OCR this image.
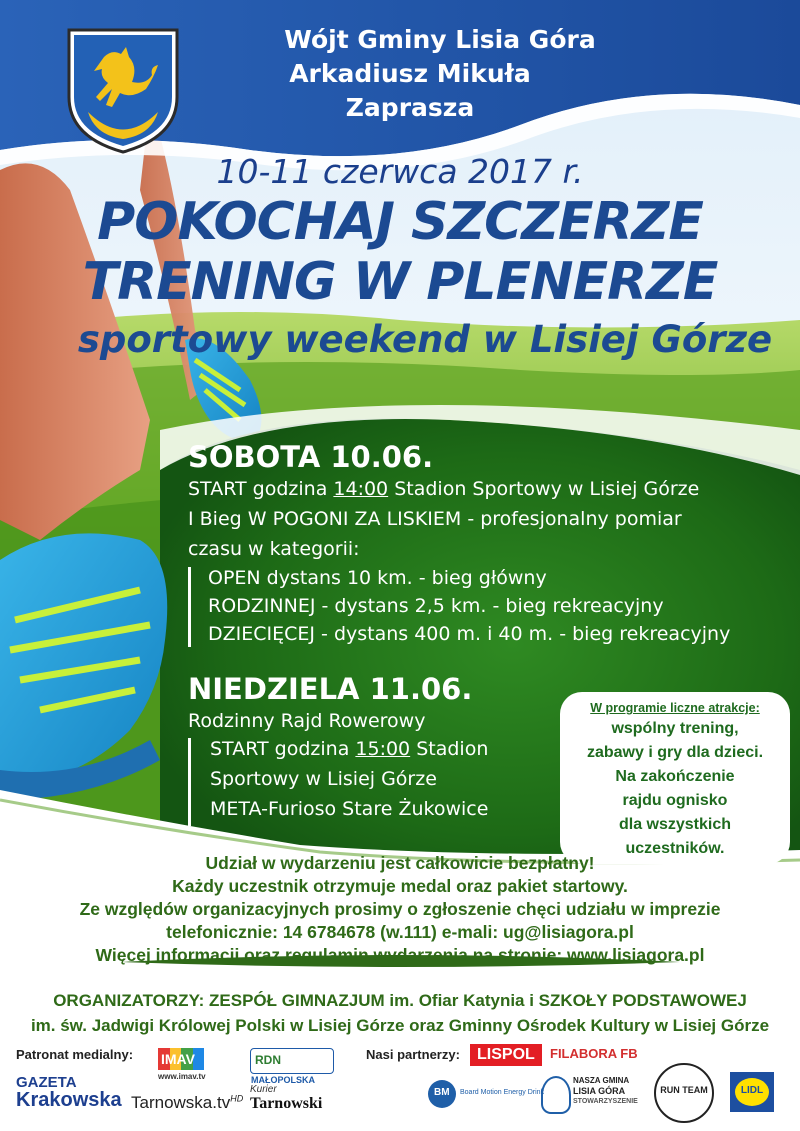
Wójt Gminy Lisia Góra
Arkadiusz Mikuła
Zaprasza
10-11 czerwca 2017 r.
POKOCHAJ SZCZERZE
TRENING W PLENERZE
sportowy weekend w Lisiej Górze
SOBOTA 10.06.
START godzina 14:00 Stadion Sportowy w Lisiej Górze
I Bieg W POGONI ZA LISKIEM - profesjonalny pomiar
czasu w kategorii:
OPEN dystans 10 km. - bieg główny
RODZINNEJ - dystans 2,5 km. - bieg rekreacyjny
DZIECIĘCEJ - dystans 400 m. i 40 m. - bieg rekreacyjny
NIEDZIELA 11.06.
Rodzinny Rajd Rowerowy
START godzina 15:00 Stadion
Sportowy w Lisiej Górze
META-Furioso Stare Żukowice
W programie liczne atrakcje:
wspólny trening,
zabawy i gry dla dzieci.
Na zakończenie
rajdu ognisko
dla wszystkich
uczestników.
Udział w wydarzeniu jest całkowicie bezpłatny!
Każdy uczestnik otrzymuje medal oraz pakiet startowy.
Ze względów organizacyjnych prosimy o zgłoszenie chęci udziału w imprezie
telefonicznie: 14 6784678 (w.111) e-mali: ug@lisiagora.pl
Więcej informacji oraz regulamin wydarzenia na stronie: www.lisiagora.pl
ORGANIZATORZY: ZESPÓŁ GIMNAZJUM im. Ofiar Katynia i SZKOŁY PODSTAWOWEJ
im. św. Jadwigi Królowej Polski w Lisiej Górze oraz Gminny Ośrodek Kultury w Lisiej Górze
Patronat medialny:	Nasi partnerzy:
GAZETA
Krakowska
IMAV
www.imav.tv
$Tarnowska.tv^{HD}$
RDN MAŁOPOLSKA
Kurier
Tarnowski
LISPOL	FILABORA FB
BM Board Motion Energy Drink
NASZA GMINA
LISIA GÓRA
STOWARZYSZENIE
RUN TEAM	LIDL
